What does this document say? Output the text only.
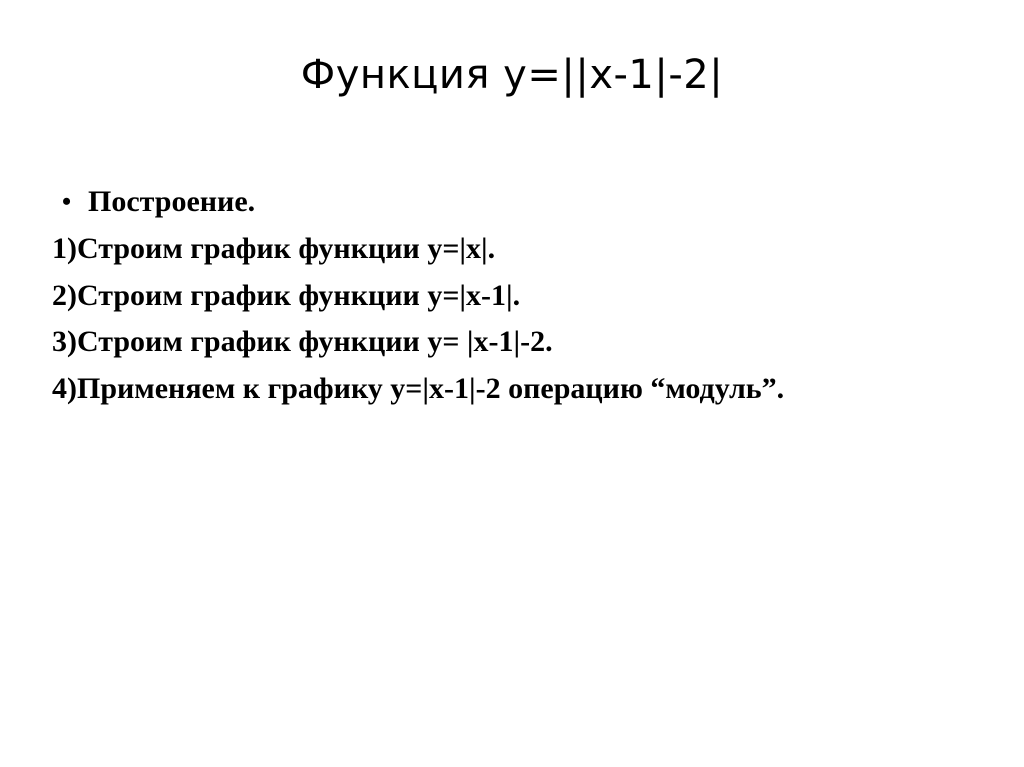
Функция y=||x-1|-2|
• Построение.
1)Строим график функции y=|x|.
2)Строим график функции y=|x-1|.
3)Строим график функции y= |x-1|-2.
4)Применяем к графику y=|x-1|-2 операцию “модуль”.
